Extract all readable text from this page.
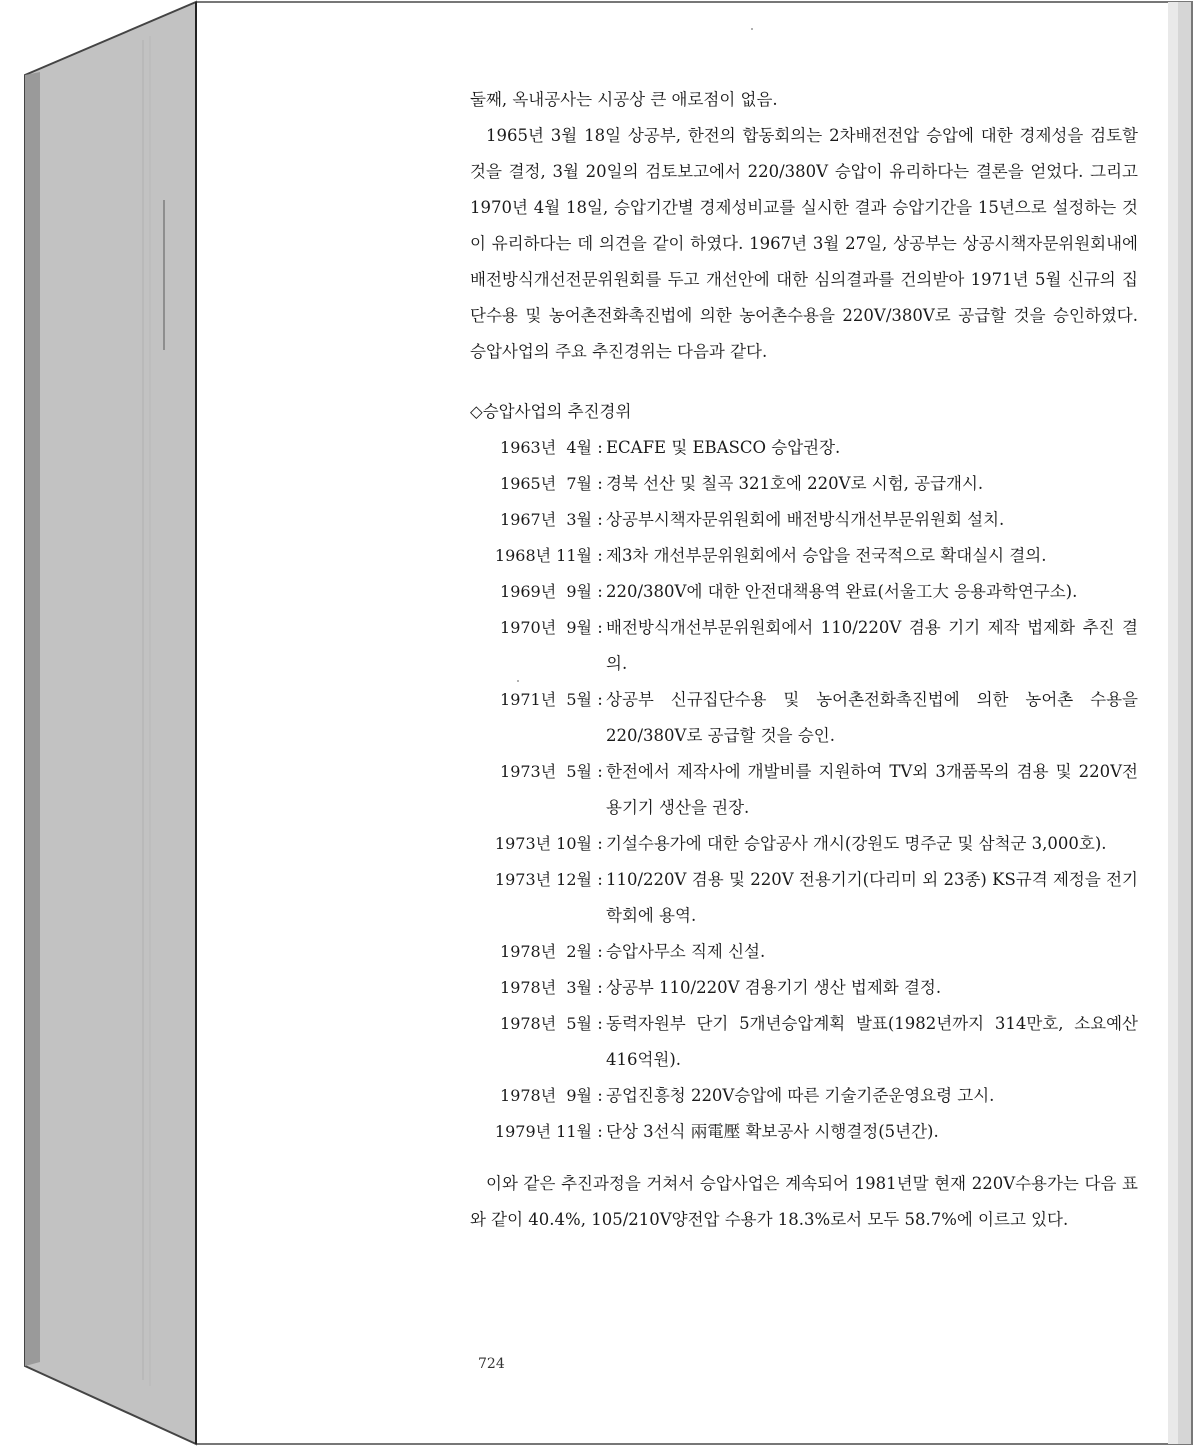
둘째, 옥내공사는 시공상 큰 애로점이 없음.

1965년 3월 18일 상공부, 한전의 합동회의는 2차배전전압 승압에 대한 경제성을 검토할 것을 결정, 3월 20일의 검토보고에서 220/380V 승압이 유리하다는 결론을 얻었다. 그리고 1970년 4월 18일, 승압기간별 경제성비교를 실시한 결과 승압기간을 15년으로 설정하는 것이 유리하다는 데 의견을 같이 하였다. 1967년 3월 27일, 상공부는 상공시책자문위원회내에 배전방식개선전문위원회를 두고 개선안에 대한 심의결과를 건의받아 1971년 5월 신규의 집단수용 및 농어촌전화촉진법에 의한 농어촌수용을 220V/380V로 공급할 것을 승인하였다. 승압사업의 주요 추진경위는 다음과 같다.

◇승압사업의 추진경위

1963년  4월 : ECAFE 및 EBASCO 승압권장.
1965년  7월 : 경북 선산 및 칠곡 321호에 220V로 시험, 공급개시.
1967년  3월 : 상공부시책자문위원회에 배전방식개선부문위원회 설치.
1968년 11월 : 제3차 개선부문위원회에서 승압을 전국적으로 확대실시 결의.
1969년  9월 : 220/380V에 대한 안전대책용역 완료(서울工大 응용과학연구소).
1970년  9월 : 배전방식개선부문위원회에서 110/220V 겸용 기기 제작 법제화 추진 결의.
1971년  5월 : 상공부 신규집단수용 및 농어촌전화촉진법에 의한 농어촌 수용을 220/380V로 공급할 것을 승인.
1973년  5월 : 한전에서 제작사에 개발비를 지원하여 TV외 3개품목의 겸용 및 220V전용기기 생산을 권장.
1973년 10월 : 기설수용가에 대한 승압공사 개시(강원도 명주군 및 삼척군 3,000호).
1973년 12월 : 110/220V 겸용 및 220V 전용기기(다리미 외 23종) KS규격 제정을 전기학회에 용역.
1978년  2월 : 승압사무소 직제 신설.
1978년  3월 : 상공부 110/220V 겸용기기 생산 법제화 결정.
1978년  5월 : 동력자원부 단기 5개년승압계획 발표(1982년까지 314만호, 소요예산 416억원).
1978년  9월 : 공업진흥청 220V승압에 따른 기술기준운영요령 고시.
1979년 11월 : 단상 3선식 兩電壓 확보공사 시행결정(5년간).

이와 같은 추진과정을 거쳐서 승압사업은 계속되어 1981년말 현재 220V수용가는 다음 표와 같이 40.4%, 105/210V양전압 수용가 18.3%로서 모두 58.7%에 이르고 있다.

724
